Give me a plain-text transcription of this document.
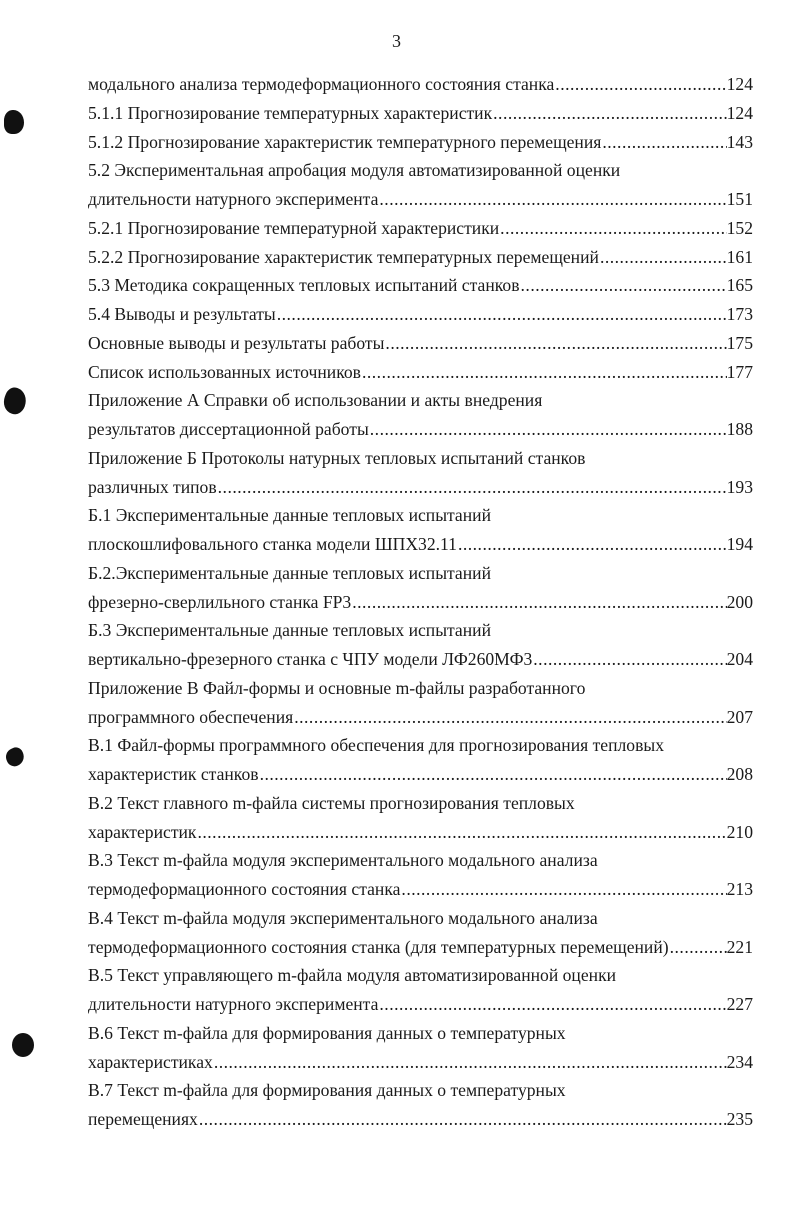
3
модального анализа термодеформационного состояния станка .....	124
5.1.1 Прогнозирование температурных характеристик .....	124
5.1.2 Прогнозирование характеристик температурного перемещения .....	143
5.2 Экспериментальная апробация модуля автоматизированной оценки
длительности натурного эксперимента .....	151
5.2.1 Прогнозирование температурной характеристики .....	152
5.2.2 Прогнозирование характеристик температурных перемещений .....	161
5.3 Методика сокращенных тепловых испытаний станков .....	165
5.4 Выводы и результаты .....	173
Основные выводы и результаты работы .....	175
Список использованных источников .....	177
Приложение А Справки об использовании и акты внедрения
результатов диссертационной работы .....	188
Приложение Б Протоколы натурных тепловых испытаний станков
различных типов .....	193
Б.1 Экспериментальные данные тепловых испытаний
плоскошлифовального станка модели ШПХ32.11 .....	194
Б.2.Экспериментальные данные тепловых испытаний
фрезерно-сверлильного станка FP3 .....	200
Б.3 Экспериментальные данные тепловых испытаний
вертикально-фрезерного станка с ЧПУ модели ЛФ260МФ3 .....	204
Приложение В Файл-формы и основные m-файлы разработанного
программного обеспечения .....	207
В.1 Файл-формы программного обеспечения для прогнозирования тепловых
характеристик станков .....	208
В.2 Текст главного m-файла системы прогнозирования тепловых
характеристик .....	210
В.3 Текст m-файла модуля экспериментального модального анализа
термодеформационного состояния станка .....	213
В.4 Текст m-файла модуля экспериментального модального анализа
термодеформационного состояния станка (для температурных перемещений) .....	221
В.5 Текст управляющего m-файла модуля автоматизированной оценки
длительности натурного эксперимента .....	227
В.6 Текст m-файла для формирования данных о температурных
характеристиках .....	234
В.7 Текст m-файла для формирования данных о температурных
перемещениях .....	235
